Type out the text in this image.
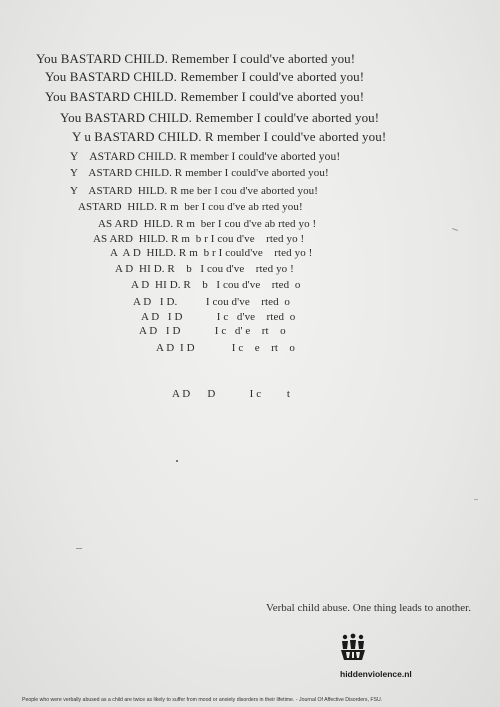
You BASTARD CHILD. Remember I could've aborted you!
You BASTARD CHILD. Remember I could've aborted you!
You BASTARD CHILD. Remember I could've aborted you!
You BASTARD CHILD. Remember I could've aborted you!
Y u BASTARD CHILD. R member I could've aborted you!
Y    ASTARD CHILD. R member I could've aborted you!
Y    ASTARD CHILD. R member I could've aborted you!
Y    ASTARD  HILD. R me ber I cou d've aborted you!
ASTARD  HILD. R m  ber I cou d've ab rted you!
AS ARD  HILD. R m  ber I cou d've ab rted yo !
AS ARD  HILD. R m  b r I cou d've    rted yo !
A  A D  HILD. R m  b r I could've    rted yo !
A D  HI D. R    b   I cou d've    rted yo !
A D  HI D. R    b   I cou d've    rted  o
A D   I D.          I cou d've    rted  o
A D   I D            I c   d've    rted  o
A D   I D            I c   d' e    rt    o
A D  I D             I c    e    rt    o
A D      D            I c         t
Verbal child abuse. One thing leads to another.
hiddenviolence.nl
People who were verbally abused as a child are twice as likely to suffer from mood or anxiety disorders in their lifetime. - Journal Of Affective Disorders, FSU.
